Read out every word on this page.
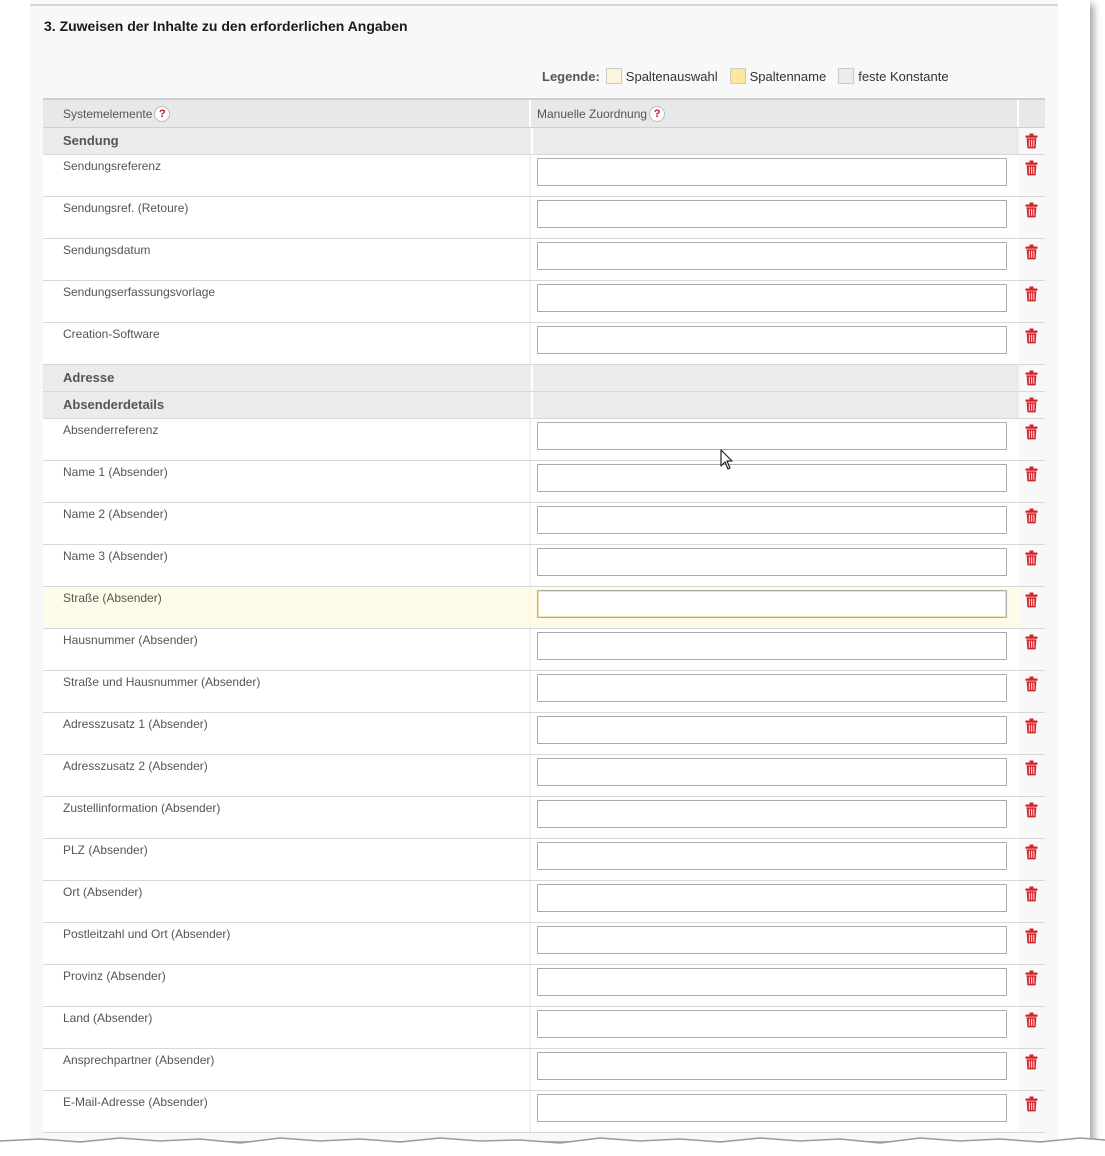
3. Zuweisen der Inhalte zu den erforderlichen Angaben
Legende: Spaltenauswahl Spaltenname feste Konstante
Systemelemente ?	Manuelle Zuordnung ?
Sendung
Sendungsreferenz
Sendungsref. (Retoure)
Sendungsdatum
Sendungserfassungsvorlage
Creation-Software
Adresse
Absenderdetails
Absenderreferenz
Name 1 (Absender)
Name 2 (Absender)
Name 3 (Absender)
Straße (Absender)
Hausnummer (Absender)
Straße und Hausnummer (Absender)
Adresszusatz 1 (Absender)
Adresszusatz 2 (Absender)
Zustellinformation (Absender)
PLZ (Absender)
Ort (Absender)
Postleitzahl und Ort (Absender)
Provinz (Absender)
Land (Absender)
Ansprechpartner (Absender)
E-Mail-Adresse (Absender)
